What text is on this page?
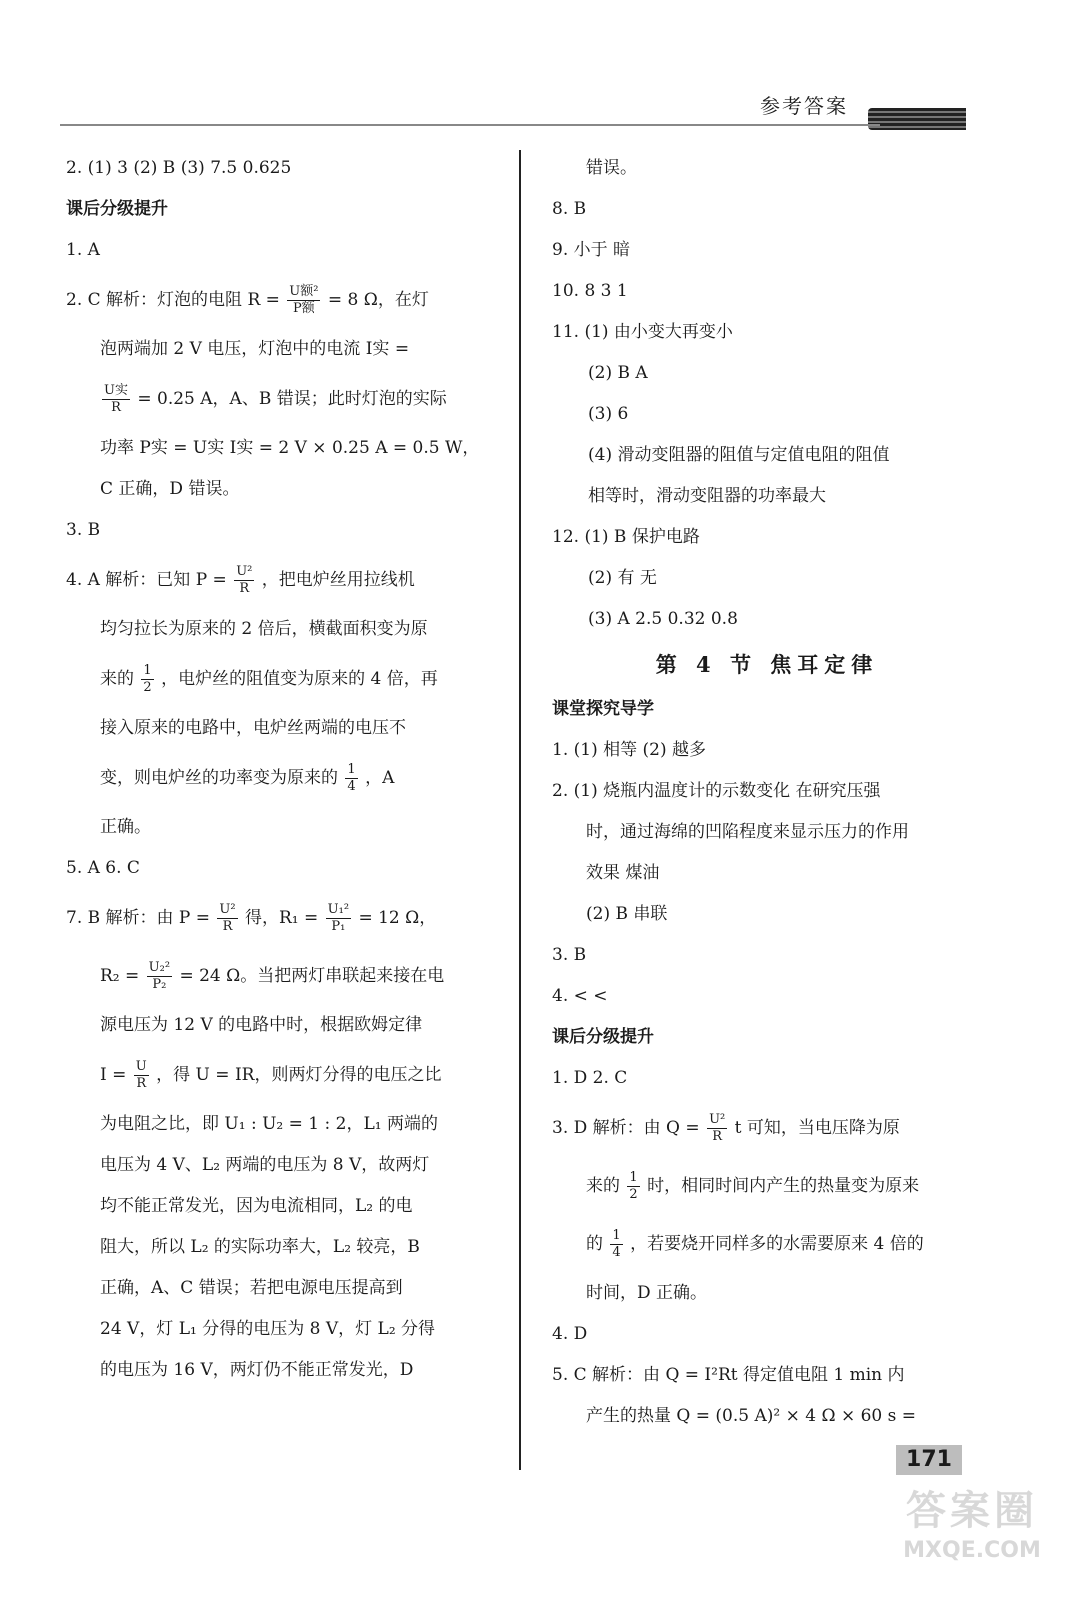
参考答案
2. (1) 3 (2) B (3) 7.5 0.625
课后分级提升
1. A
2. C 解析：灯泡的电阻 $R = \frac{\text{U额²}}{\text{P额}} = 8$ Ω，在灯
泡两端加 2 V 电压，灯泡中的电流 I实 =
$\frac{\text{U实}}{R} = 0.25$ A，A、B 错误；此时灯泡的实际
功率 P实 = U实 I实 = 2 V × 0.25 A = 0.5 W，
C 正确，D 错误。
3. B
4. A 解析：已知 $P = \frac{\text{U²}}{R}$ ，把电炉丝用拉线机
均匀拉长为原来的 2 倍后，横截面积变为原
来的 $\frac{1}{2}$ ，电炉丝的阻值变为原来的 4 倍，再
接入原来的电路中，电炉丝两端的电压不
变，则电炉丝的功率变为原来的 $\frac{1}{4}$ ，A
正确。
5. A 6. C
7. B 解析：由 $P = \frac{\text{U²}}{R}$ 得，$R_1 = \frac{\text{U₁²}}{\text{P₁}} = 12$ Ω，
$R_2 = \frac{\text{U₂²}}{\text{P₂}} = 24$ Ω。当把两灯串联起来接在电
源电压为 12 V 的电路中时，根据欧姆定律
$I = \frac{U}{R}$ ，得 U = IR，则两灯分得的电压之比
为电阻之比，即 U₁ : U₂ = 1 : 2，L₁ 两端的
电压为 4 V、L₂ 两端的电压为 8 V，故两灯
均不能正常发光，因为电流相同，L₂ 的电
阻大，所以 L₂ 的实际功率大，L₂ 较亮，B
正确，A、C 错误；若把电源电压提高到
24 V，灯 L₁ 分得的电压为 8 V，灯 L₂ 分得
的电压为 16 V，两灯仍不能正常发光，D
错误。
8. B
9. 小于 暗
10. 8 3 1
11. (1) 由小变大再变小
(2) B A
(3) 6
(4) 滑动变阻器的阻值与定值电阻的阻值
相等时，滑动变阻器的功率最大
12. (1) B 保护电路
(2) 有 无
(3) A 2.5 0.32 0.8
第 4 节 焦耳定律
课堂探究导学
1. (1) 相等 (2) 越多
2. (1) 烧瓶内温度计的示数变化 在研究压强
时，通过海绵的凹陷程度来显示压力的作用
效果 煤油
(2) B 串联
3. B
4. < <
课后分级提升
1. D 2. C
3. D 解析：由 $Q = \frac{\text{U²}}{R}$ t 可知，当电压降为原
来的 $\frac{1}{2}$ 时，相同时间内产生的热量变为原来
的 $\frac{1}{4}$ ，若要烧开同样多的水需要原来 4 倍的
时间，D 正确。
4. D
5. C 解析：由 Q = I²Rt 得定值电阻 1 min 内
产生的热量 Q = (0.5 A)² × 4 Ω × 60 s =
171
答案圈
MXQE.COM
